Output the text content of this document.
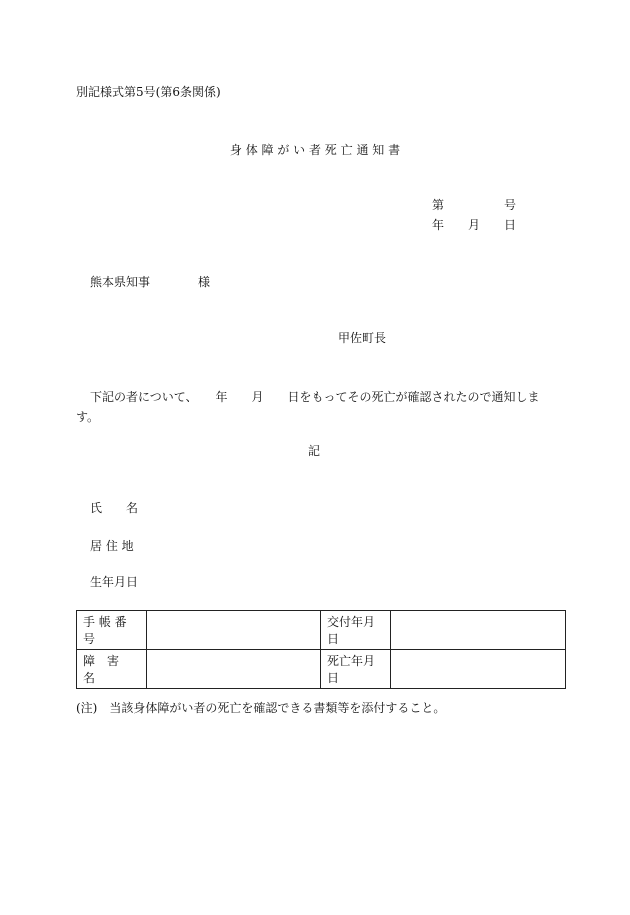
別記様式第5号(第6条関係)
身 体 障 が い 者 死 亡 通 知 書
第	号
年 月 日
熊本県知事　　　　様
甲佐町長
下記の者について、　　年　　月　　日をもってその死亡が確認されたので通知します。
記
氏　　名
居 住 地
生年月日
手 帳 番 号		交付年月日	
障　害　名		死亡年月日	
(注)　当該身体障がい者の死亡を確認できる書類等を添付すること。
